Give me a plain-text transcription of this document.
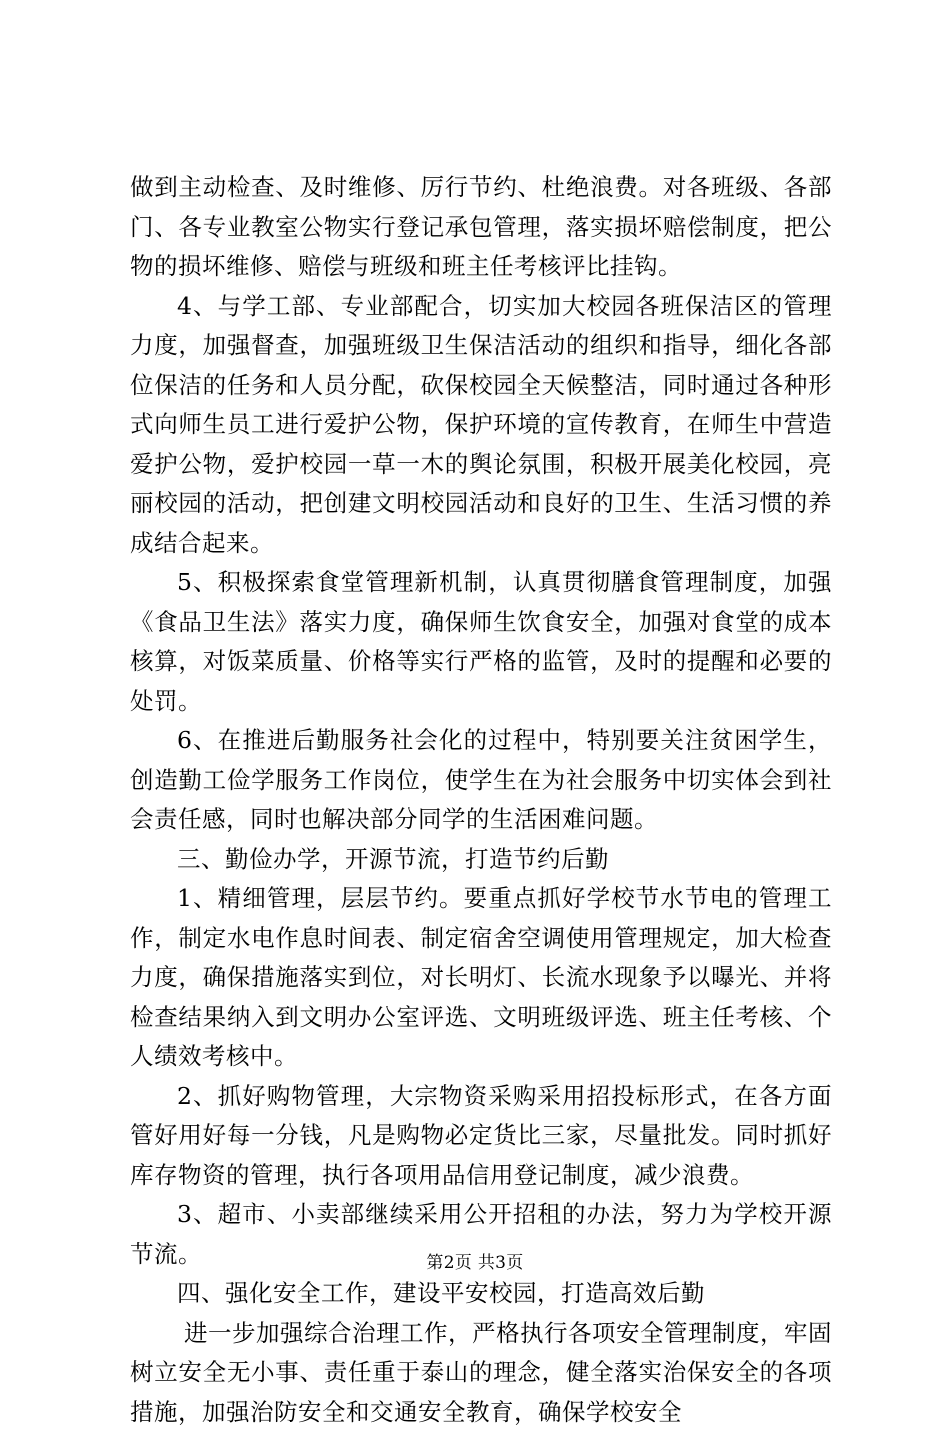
做到主动检查、及时维修、厉行节约、杜绝浪费。对各班级、各部门、各专业教室公物实行登记承包管理，落实损坏赔偿制度，把公物的损坏维修、赔偿与班级和班主任考核评比挂钩。

4、与学工部、专业部配合，切实加大校园各班保洁区的管理力度，加强督查，加强班级卫生保洁活动的组织和指导，细化各部位保洁的任务和人员分配，砍保校园全天候整洁，同时通过各种形式向师生员工进行爱护公物，保护环境的宣传教育，在师生中营造爱护公物，爱护校园一草一木的舆论氛围，积极开展美化校园，亮丽校园的活动，把创建文明校园活动和良好的卫生、生活习惯的养成结合起来。

5、积极探索食堂管理新机制，认真贯彻膳食管理制度，加强《食品卫生法》落实力度，确保师生饮食安全，加强对食堂的成本核算，对饭菜质量、价格等实行严格的监管，及时的提醒和必要的处罚。

6、在推进后勤服务社会化的过程中，特别要关注贫困学生，创造勤工俭学服务工作岗位，使学生在为社会服务中切实体会到社会责任感，同时也解决部分同学的生活困难问题。

三、勤俭办学，开源节流，打造节约后勤

1、精细管理，层层节约。要重点抓好学校节水节电的管理工作，制定水电作息时间表、制定宿舍空调使用管理规定，加大检查力度，确保措施落实到位，对长明灯、长流水现象予以曝光、并将检查结果纳入到文明办公室评选、文明班级评选、班主任考核、个人绩效考核中。

2、抓好购物管理，大宗物资采购采用招投标形式，在各方面管好用好每一分钱，凡是购物必定货比三家，尽量批发。同时抓好库存物资的管理，执行各项用品信用登记制度，减少浪费。

3、超市、小卖部继续采用公开招租的办法，努力为学校开源节流。

四、强化安全工作，建设平安校园，打造高效后勤

进一步加强综合治理工作，严格执行各项安全管理制度，牢固树立安全无小事、责任重于泰山的理念，健全落实治保安全的各项措施，加强治防安全和交通安全教育，确保学校安全

第2页 共3页
